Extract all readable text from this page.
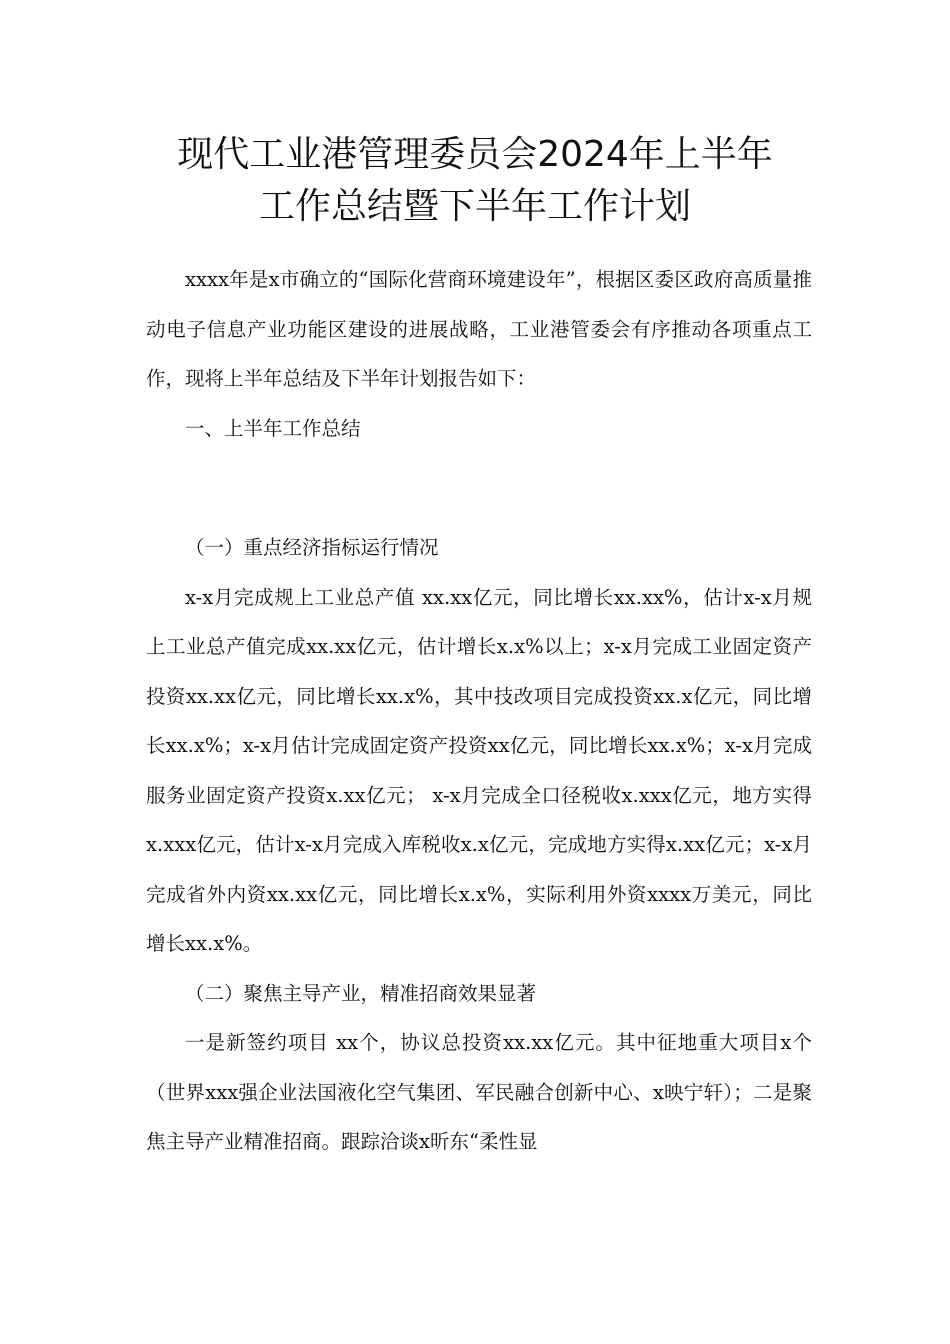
现代工业港管理委员会2024年上半年
工作总结暨下半年工作计划

xxxx年是x市确立的“国际化营商环境建设年”，根据区委区政府高质量推动电子信息产业功能区建设的进展战略，工业港管委会有序推动各项重点工作，现将上半年总结及下半年计划报告如下：

一、上半年工作总结

（一）重点经济指标运行情况

x-x月完成规上工业总产值 xx.xx亿元，同比增长xx.xx%，估计x-x月规上工业总产值完成xx.xx亿元，估计增长x.x%以上；x-x月完成工业固定资产投资xx.xx亿元，同比增长xx.x%，其中技改项目完成投资xx.x亿元，同比增长xx.x%；x-x月估计完成固定资产投资xx亿元，同比增长xx.x%；x-x月完成服务业固定资产投资x.xx亿元； x-x月完成全口径税收x.xxx亿元，地方实得x.xxx亿元，估计x-x月完成入库税收x.x亿元，完成地方实得x.xx亿元；x-x月完成省外内资xx.xx亿元，同比增长x.x%，实际利用外资xxxx万美元，同比增长xx.x%。

（二）聚焦主导产业，精准招商效果显著

一是新签约项目 xx个，协议总投资xx.xx亿元。其中征地重大项目x个（世界xxx强企业法国液化空气集团、军民融合创新中心、x映宁轩）；二是聚焦主导产业精准招商。跟踪洽谈x昕东“柔性显
